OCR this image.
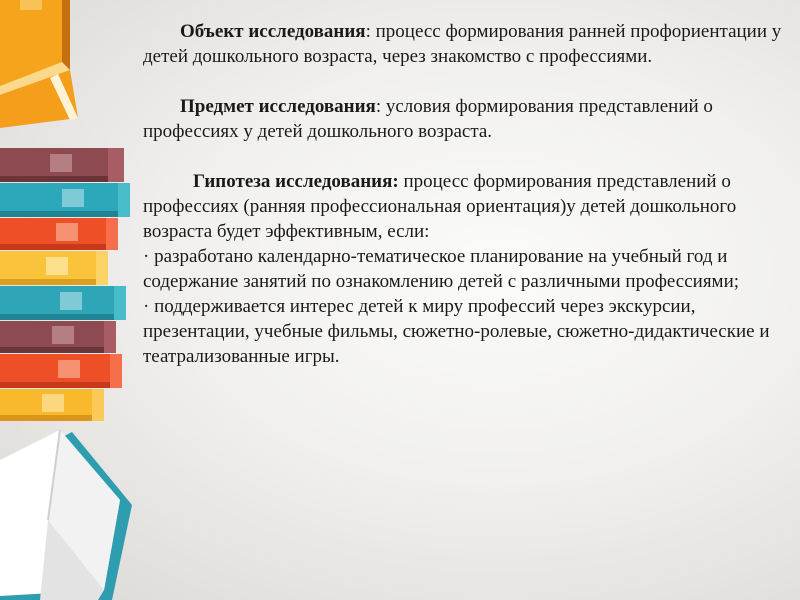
Объект исследования: процесс формирования ранней профориентации у детей дошкольного возраста, через знакомство с профессиями.

Предмет исследования: условия формирования представлений о профессиях у детей дошкольного возраста.

Гипотеза исследования: процесс формирования представлений о профессиях (ранняя профессиональная ориентация)у детей дошкольного возраста будет эффективным, если:

· разработано календарно-тематическое планирование на учебный год и содержание занятий по ознакомлению детей с различными профессиями;

· поддерживается интерес детей к миру профессий через экскурсии, презентации, учебные фильмы, сюжетно-ролевые, сюжетно-дидактические и театрализованные игры.
